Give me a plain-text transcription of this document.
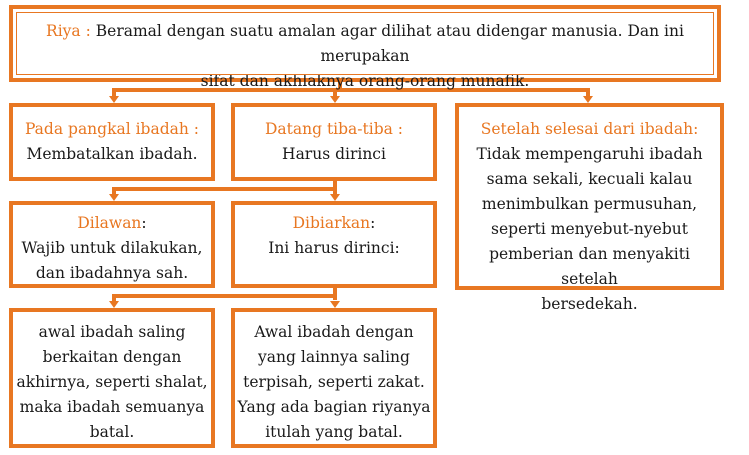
Riya : Beramal dengan suatu amalan agar dilihat atau didengar manusia. Dan ini merupakan
sifat dan akhlaknya orang-orang munafik.
Pada pangkal ibadah :
Membatalkan ibadah.
Datang tiba-tiba :
Harus dirinci
Setelah selesai dari ibadah:
Tidak mempengaruhi ibadah
sama sekali, kecuali kalau
menimbulkan permusuhan,
seperti menyebut-nyebut
pemberian dan menyakiti setelah
bersedekah.
Dilawan:
Wajib untuk dilakukan,
dan ibadahnya sah.
Dibiarkan:
Ini harus dirinci:
awal ibadah saling
berkaitan dengan
akhirnya, seperti shalat,
maka ibadah semuanya
batal.
Awal ibadah dengan
yang lainnya saling
terpisah, seperti zakat.
Yang ada bagian riyanya
itulah yang batal.
